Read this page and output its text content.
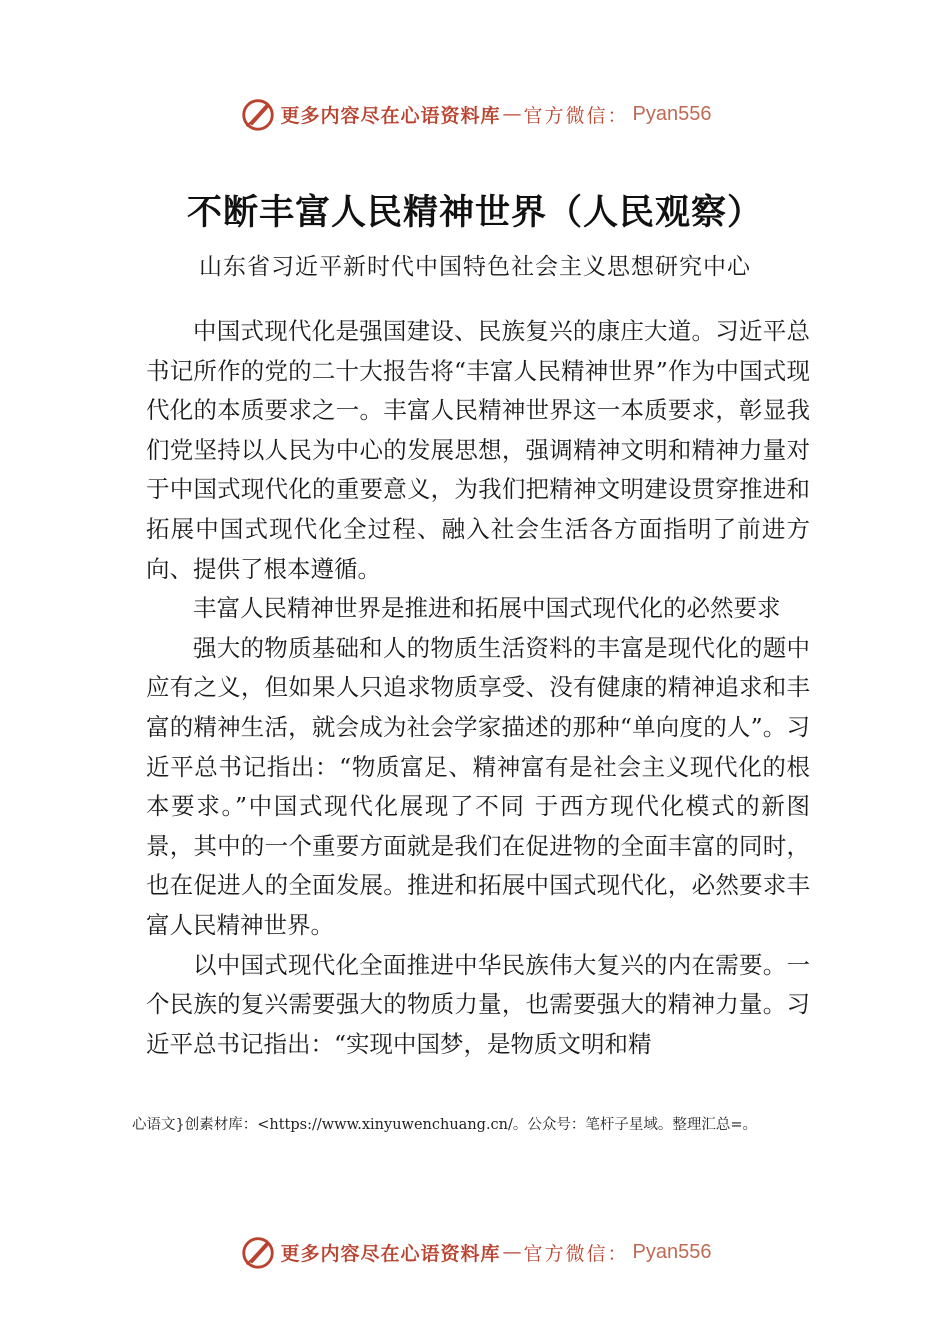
更多内容尽在心语资料库 — 官方微信： Pyan556
不断丰富人民精神世界（人民观察）
山东省习近平新时代中国特色社会主义思想研究中心

中国式现代化是强国建设、民族复兴的康庄大道。习近平总书记所作的党的二十大报告将“丰富人民精神世界”作为中国式现代化的本质要求之一。丰富人民精神世界这一本质要求，彰显我们党坚持以人民为中心的发展思想，强调精神文明和精神力量对于中国式现代化的重要意义，为我们把精神文明建设贯穿推进和拓展中国式现代化全过程、融入社会生活各方面指明了前进方向、提供了根本遵循。

丰富人民精神世界是推进和拓展中国式现代化的必然要求

强大的物质基础和人的物质生活资料的丰富是现代化的题中应有之义，但如果人只追求物质享受、没有健康的精神追求和丰富的精神生活，就会成为社会学家描述的那种“单向度的人”。习近平总书记指出：“物质富足、精神富有是社会主义现代化的根本要求。”中国式现代化展现了不同 于西方现代化模式的新图景，其中的一个重要方面就是我们在促进物的全面丰富的同时，也在促进人的全面发展。推进和拓展中国式现代化，必然要求丰富人民精神世界。

以中国式现代化全面推进中华民族伟大复兴的内在需要。一个民族的复兴需要强大的物质力量，也需要强大的精神力量。习近平总书记指出：“实现中国梦，是物质文明和精

心语文}创素材库：<https://www.xinyuwenchuang.cn/。公众号：笔杆子星域。整理汇总=。
更多内容尽在心语资料库 — 官方微信： Pyan556
